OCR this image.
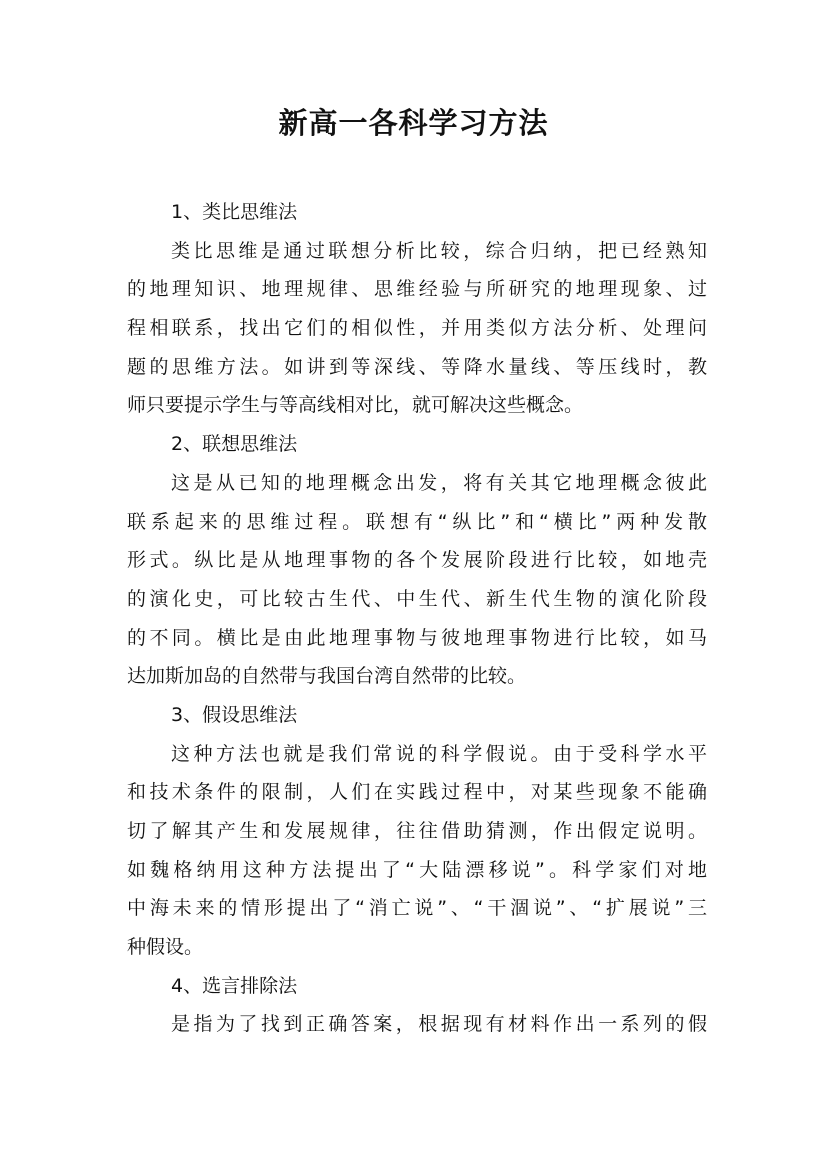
新高一各科学习方法
1、类比思维法
类比思维是通过联想分析比较，综合归纳，把已经熟知
的地理知识、地理规律、思维经验与所研究的地理现象、过
程相联系，找出它们的相似性，并用类似方法分析、处理问
题的思维方法。如讲到等深线、等降水量线、等压线时，教
师只要提示学生与等高线相对比，就可解决这些概念。
2、联想思维法
这是从已知的地理概念出发，将有关其它地理概念彼此
联系起来的思维过程。联想有“纵比”和“横比”两种发散
形式。纵比是从地理事物的各个发展阶段进行比较，如地壳
的演化史，可比较古生代、中生代、新生代生物的演化阶段
的不同。横比是由此地理事物与彼地理事物进行比较，如马
达加斯加岛的自然带与我国台湾自然带的比较。
3、假设思维法
这种方法也就是我们常说的科学假说。由于受科学水平
和技术条件的限制，人们在实践过程中，对某些现象不能确
切了解其产生和发展规律，往往借助猜测，作出假定说明。
如魏格纳用这种方法提出了“大陆漂移说”。科学家们对地
中海未来的情形提出了“消亡说”、“干涸说”、“扩展说”三
种假设。
4、选言排除法
是指为了找到正确答案，根据现有材料作出一系列的假
